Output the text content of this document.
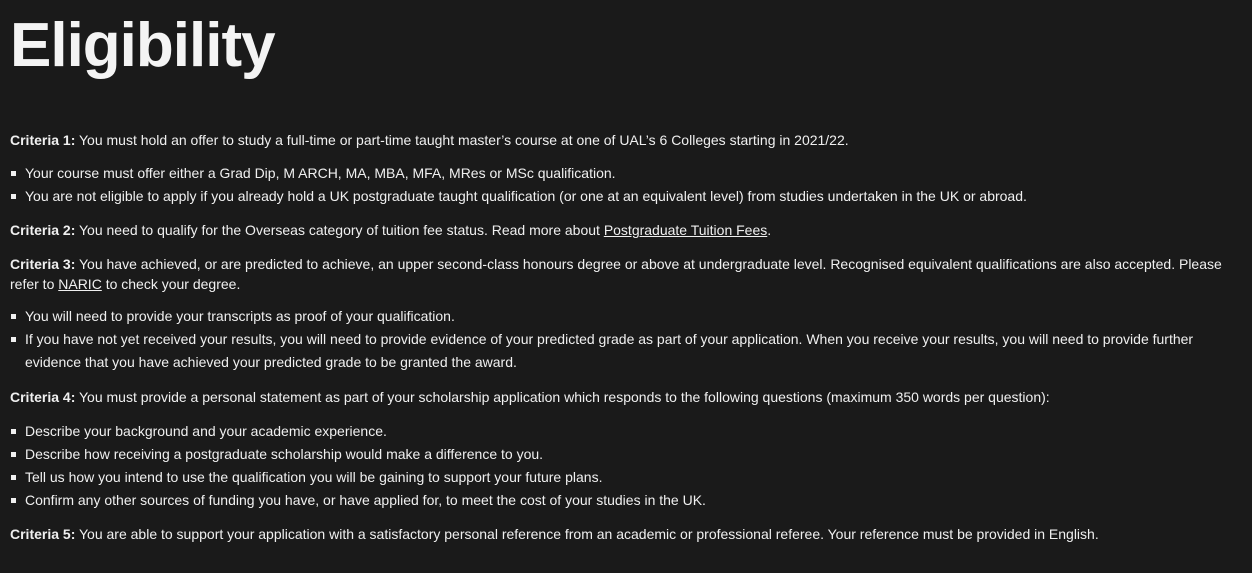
Eligibility

Criteria 1: You must hold an offer to study a full-time or part-time taught master’s course at one of UAL’s 6 Colleges starting in 2021/22.

Your course must offer either a Grad Dip, M ARCH, MA, MBA, MFA, MRes or MSc qualification.
You are not eligible to apply if you already hold a UK postgraduate taught qualification (or one at an equivalent level) from studies undertaken in the UK or abroad.

Criteria 2: You need to qualify for the Overseas category of tuition fee status. Read more about Postgraduate Tuition Fees.

Criteria 3: You have achieved, or are predicted to achieve, an upper second-class honours degree or above at undergraduate level. Recognised equivalent qualifications are also accepted. Please refer to NARIC to check your degree.

You will need to provide your transcripts as proof of your qualification.
If you have not yet received your results, you will need to provide evidence of your predicted grade as part of your application. When you receive your results, you will need to provide further evidence that you have achieved your predicted grade to be granted the award.

Criteria 4: You must provide a personal statement as part of your scholarship application which responds to the following questions (maximum 350 words per question):

Describe your background and your academic experience.
Describe how receiving a postgraduate scholarship would make a difference to you.
Tell us how you intend to use the qualification you will be gaining to support your future plans.
Confirm any other sources of funding you have, or have applied for, to meet the cost of your studies in the UK.

Criteria 5: You are able to support your application with a satisfactory personal reference from an academic or professional referee. Your reference must be provided in English.
